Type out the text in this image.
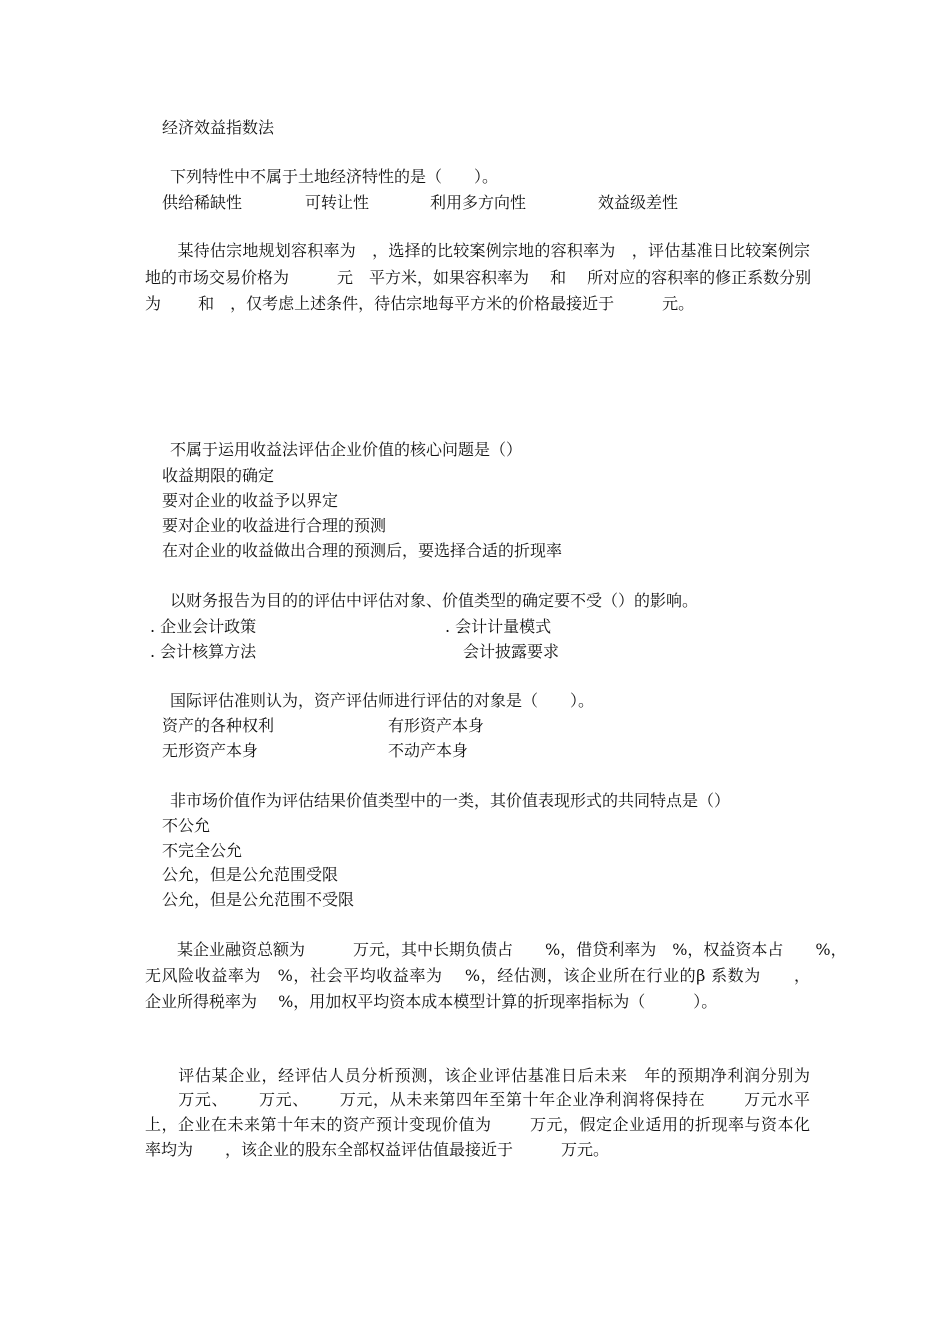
经济效益指数法
下列特性中不属于土地经济特性的是（　　）。
供给稀缺性	可转让性	利用多方向性	效益级差性
　　某待估宗地规划容积率为　，选择的比较案例宗地的容积率为　，评估基准日比较案例宗
地的市场交易价格为　　　元　平方米，如果容积率为　 和　 所对应的容积率的修正系数分别
为　　 和　，仅考虑上述条件，待估宗地每平方米的价格最接近于　　　元。
不属于运用收益法评估企业价值的核心问题是（）
收益期限的确定
要对企业的收益予以界定
要对企业的收益进行合理的预测
在对企业的收益做出合理的预测后，要选择合适的折现率
以财务报告为目的的评估中评估对象、价值类型的确定要不受（）的影响。
. 企业会计政策	. 会计计量模式
. 会计核算方法	会计披露要求
国际评估准则认为，资产评估师进行评估的对象是（　　）。
资产的各种权利	有形资产本身
无形资产本身	不动产本身
非市场价值作为评估结果价值类型中的一类，其价值表现形式的共同特点是（）
不公允
不完全公允
公允，但是公允范围受限
公允，但是公允范围不受限
　　某企业融资总额为　　　万元，其中长期负债占　　%，借贷利率为　%，权益资本占　　%，
无风险收益率为　%，社会平均收益率为　 %，经估测，该企业所在行业的β 系数为　　，
企业所得税率为　 %，用加权平均资本成本模型计算的折现率指标为（　　　）。
　　评估某企业，经评估人员分析预测，该企业评估基准日后未来　年的预期净利润分别为
　　万元、　　 万元、　　 万元，从未来第四年至第十年企业净利润将保持在　　 万元水平
上，企业在未来第十年末的资产预计变现价值为　　 万元，假定企业适用的折现率与资本化
率均为　　，该企业的股东全部权益评估值最接近于　　　万元。
